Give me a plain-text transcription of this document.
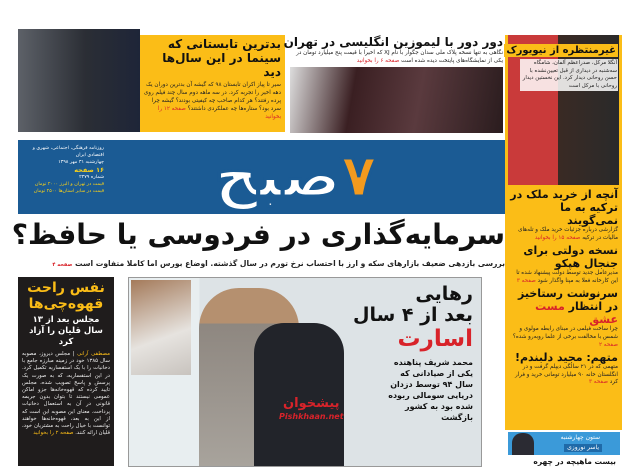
بدترین تابستانی که سینما در این سال‌ها دید
سیر تا پیاز اکران تابستان ۹۸ که گیشه آن بدترین دوران یک دهه اخیر را تجربه کرد. در سه ماهه دوم سال چند فیلم روی پرده رفتند؟ هر کدام صاحب چه کیفیتی بودند؟ گیشه چرا سرد بود؟ ستاره‌ها چه عملکردی داشتند؟ صفحه ۱۲ را بخوانید
دور دور با لیموزین انگلیسی در تهران
نگاهی به تنها نسخه پلاک ملی سدان جگوار با نام XJ که اخیرا با قیمت پنج میلیارد تومان در یکی از نمایشگاه‌های پایتخت دیده شده است صفحه ۶ را بخوانید
غیرمنتظره از نیویورک
آنگلا مرکل، صدراعظم آلمان، شامگاه سه‌شنبه در دیداری از قبل تعیین‌نشده با حسن روحانی دیدار کرد. این نخستین دیدار روحانی با مرکل است
آنچه از خرید ملک در ترکیه به ما نمی‌گویند
گزارشی درباره جزئیات خرید ملک و تله‌های مالیات در ترکیه صفحه ۱۵ را بخوانید
نسخه دولتی برای جنجال هپکو
مدیرعامل جدید توسط دولت پیشنهاد شده تا این کارخانه فعلا به مپنا واگذار شود صفحه ۳
سرنوشت رستاخیز در انتظار مست عشق
چرا ساخت فیلمی در مبنای رابطه مولوی و شمس با مخالفت برخی از علما روبه‌رو شده؟ صفحه ۲
متهم: مجید دلبندم!
متهمی که در ۲۱ سالگی دیپلم گرفت و در انگلستان خانه ۹۰ میلیارد تومانی خرید و فرار کرد صفحه ۳
ستون چهارشنبه
یاسر نوروزی
بیست ماهیچه در چهره
۷صبح
روزنامه فرهنگی، اجتماعی، شهری و اقتصادی ایران
چهارشنبه ۳۱ مهر ۱۳۹۸
۱۶ صفحه
شماره ۲۴۷۹
قیمت در تهران و البرز ۲۰۰۰ تومان
قیمت در سایر استان‌ها ۲۵۰۰ تومان
سرمایه‌گذاری در فردوسی یا حافظ؟
بررسی بازدهی ضعیف بازارهای سکه و ارز با احتساب نرخ تورم در سال گذشته. اوضاع بورس اما کاملا متفاوت است صفحه ۴
نفس راحت قهوه‌چی‌ها
مجلس بعد از ۱۳ سال قلیان را آزاد کرد
مصطفی آرانی | مجلس دیروز، مصوبه سال ۱۳۸۵ خود در زمینه مبارزه جامع با دخانیات را با یک استفساریه تکمیل کرد. در این استفساریه، که به صورت یک پرسش و پاسخ تصویب شده، مجلس تایید کرده که قهوه‌خانه‌ها جزو اماکن عمومی نیستند تا بتوان بدون جریمه قانونی در آن به استعمال دخانیات پرداخت. معنای این مصوبه این است که از این به بعد، قهوه‌خانه‌ها خواهند توانست با خیال راحت به مشتریان خود، قلیان ارائه کنند. صفحه ۲ را بخوانید
پیشخوان
Pishkhaan.net
رهایی
بعد از ۴ سال
اسارت
محمد شریف پناهنده یکی از صیادانی که سال ۹۴ توسط دزدان دریایی سومالی ربوده شده بود به کشور بازگشت
